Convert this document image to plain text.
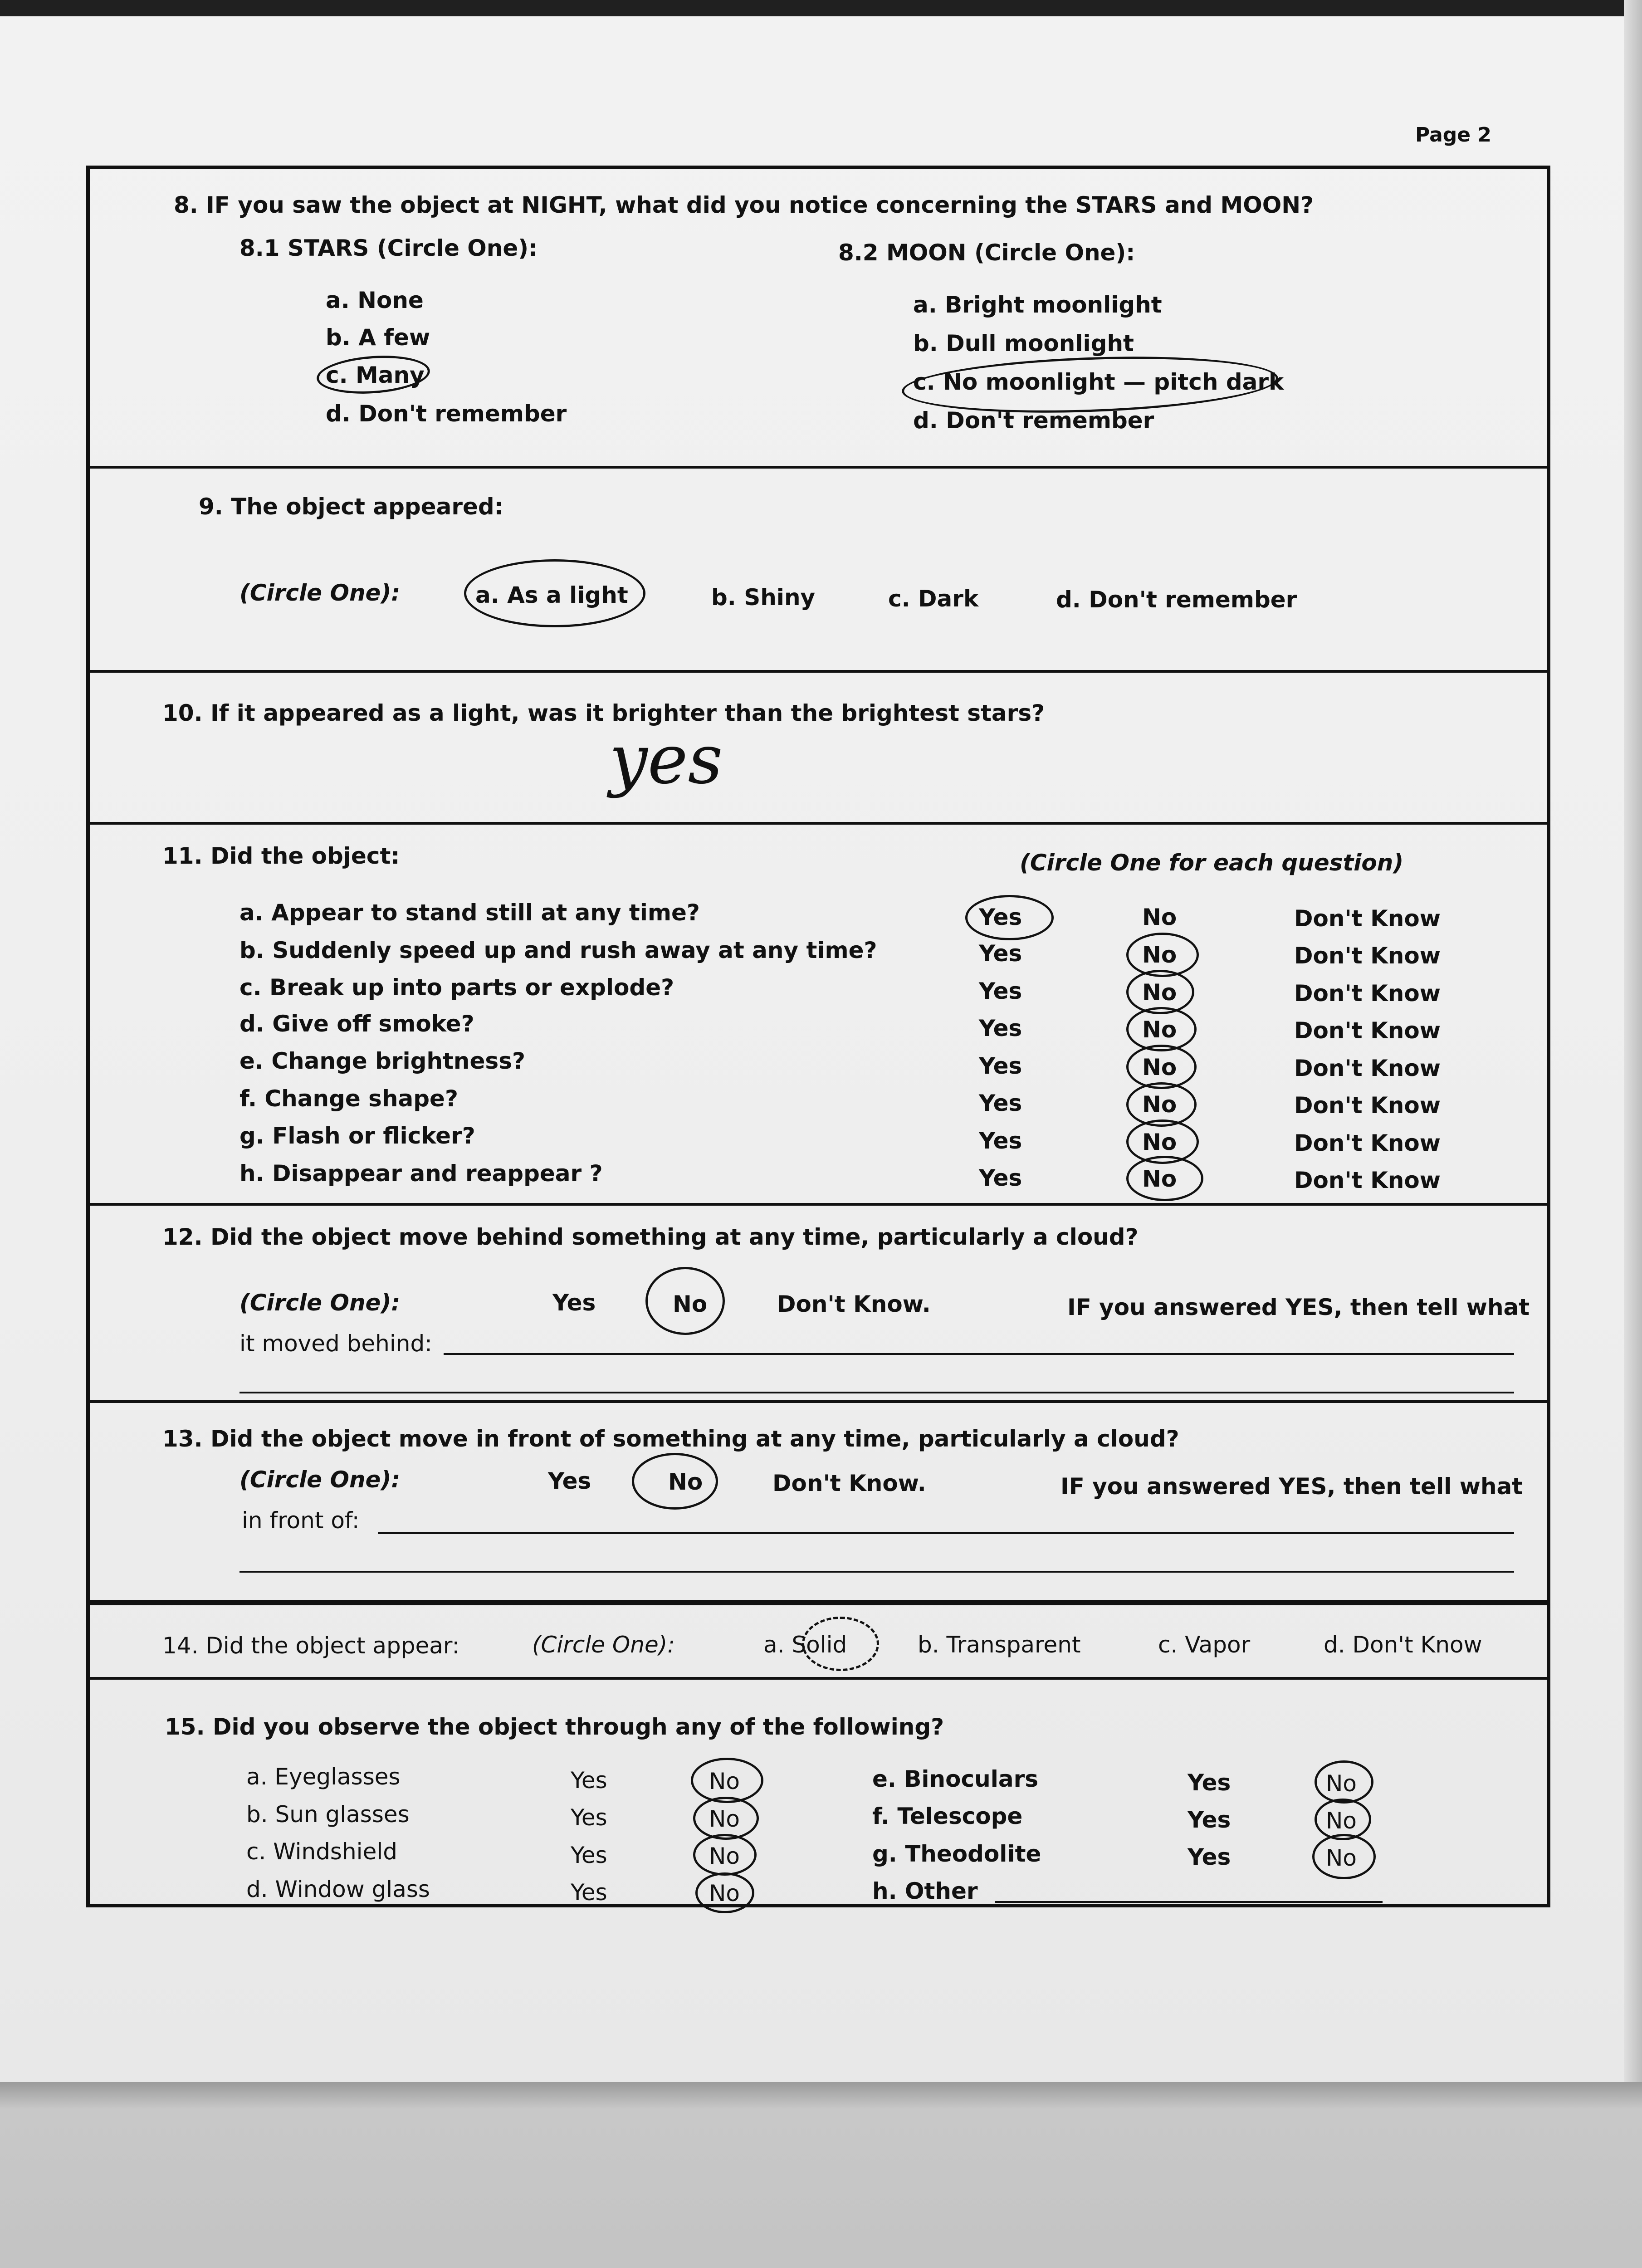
Page 2
8. IF you saw the object at NIGHT, what did you notice concerning the STARS and MOON?
8.1 STARS (Circle One):	8.2 MOON (Circle One):
a. None
b. A few
c. Many
d. Don't remember
a. Bright moonlight
b. Dull moonlight
c. No moonlight — pitch dark
d. Don't remember
9. The object appeared:
(Circle One):	a. As a light	b. Shiny	c. Dark	d. Don't remember
10. If it appeared as a light, was it brighter than the brightest stars?
yes
11. Did the object:	(Circle One for each question)
a. Appear to stand still at any time?	Yes	No	Don't Know
b. Suddenly speed up and rush away at any time?	Yes	No	Don't Know
c. Break up into parts or explode?	Yes	No	Don't Know
d. Give off smoke?	Yes	No	Don't Know
e. Change brightness?	Yes	No	Don't Know
f. Change shape?	Yes	No	Don't Know
g. Flash or flicker?	Yes	No	Don't Know
h. Disappear and reappear ?	Yes	No	Don't Know
12. Did the object move behind something at any time, particularly a cloud?
(Circle One):	Yes	No	Don't Know.	IF you answered YES, then tell what
it moved behind:
13. Did the object move in front of something at any time, particularly a cloud?
(Circle One):	Yes	No	Don't Know.	IF you answered YES, then tell what
in front of:
14. Did the object appear:	(Circle One):	a. Solid	b. Transparent	c. Vapor	d. Don't Know
15. Did you observe the object through any of the following?
a. Eyeglasses	Yes	No
b. Sun glasses	Yes	No
c. Windshield	Yes	No
d. Window glass	Yes	No
e. Binoculars	Yes	No
f. Telescope	Yes	No
g. Theodolite	Yes	No
h. Other
